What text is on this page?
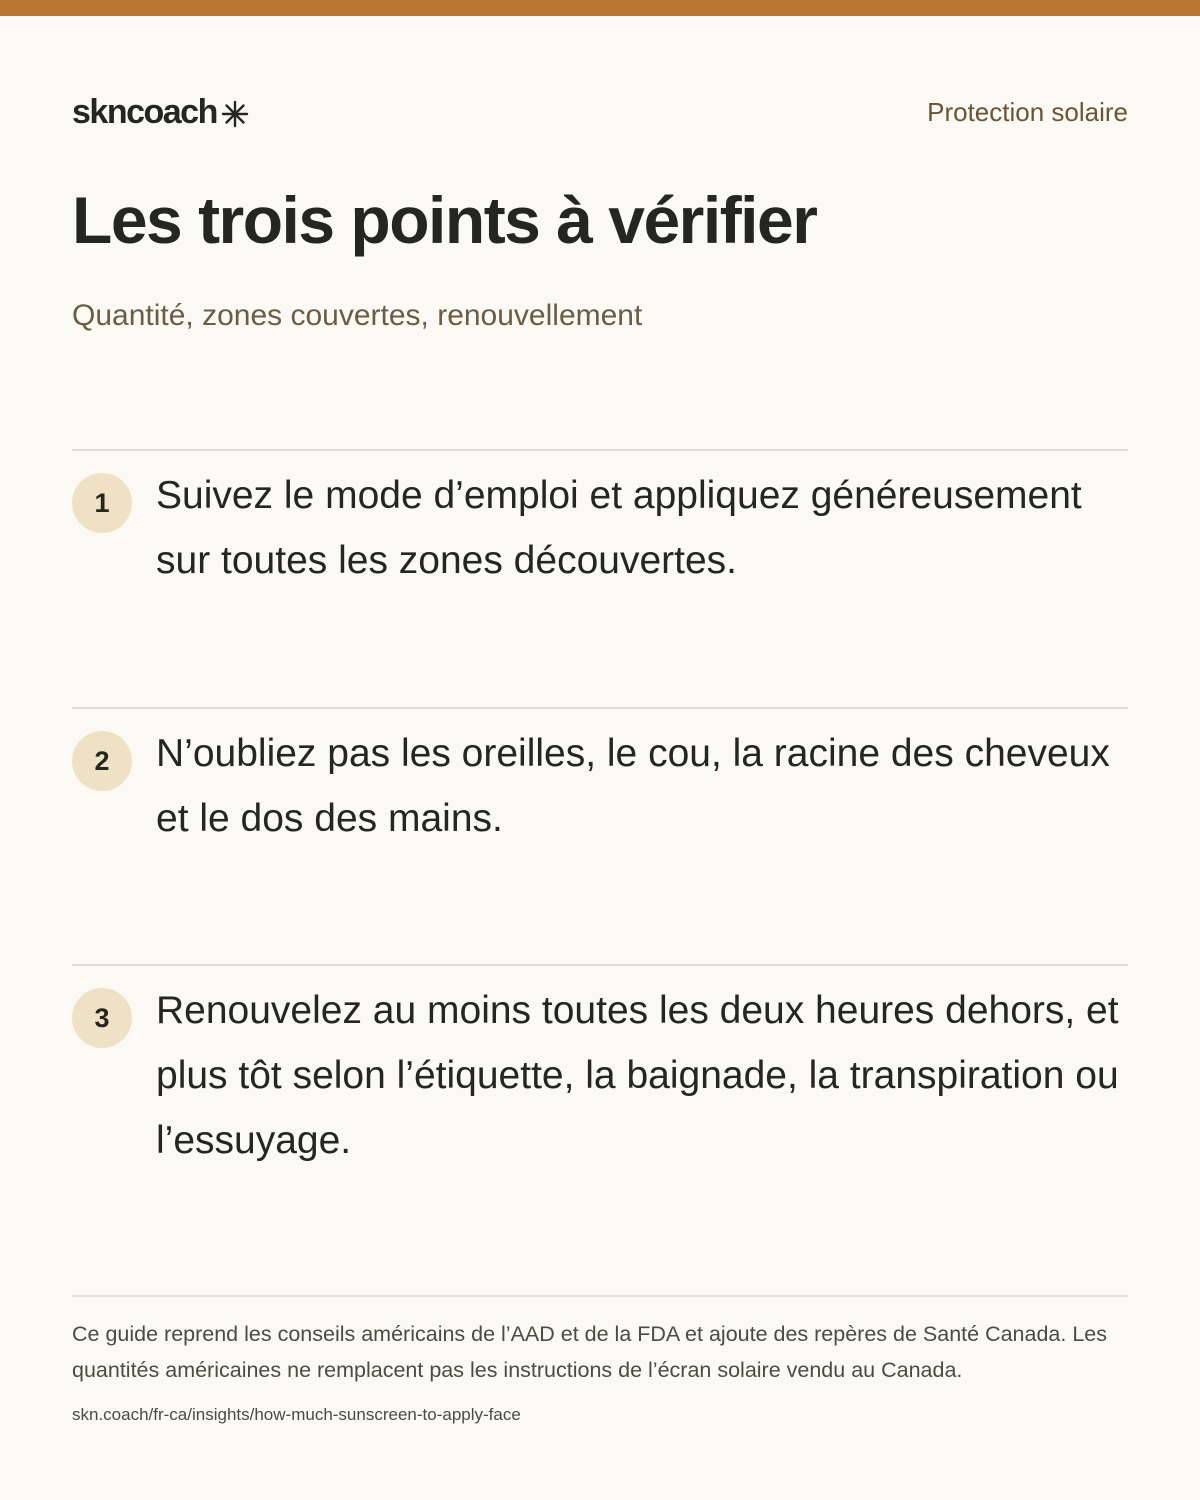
skncoach	Protection solaire
Les trois points à vérifier
Quantité, zones couvertes, renouvellement
1	Suivez le mode d’emploi et appliquez généreusement sur toutes les zones découvertes.
2	N’oubliez pas les oreilles, le cou, la racine des cheveux et le dos des mains.
3	Renouvelez au moins toutes les deux heures dehors, et plus tôt selon l’étiquette, la baignade, la transpiration ou l’essuyage.
Ce guide reprend les conseils américains de l’AAD et de la FDA et ajoute des repères de Santé Canada. Les quantités américaines ne remplacent pas les instructions de l’écran solaire vendu au Canada.
skn.coach/fr-ca/insights/how-much-sunscreen-to-apply-face
